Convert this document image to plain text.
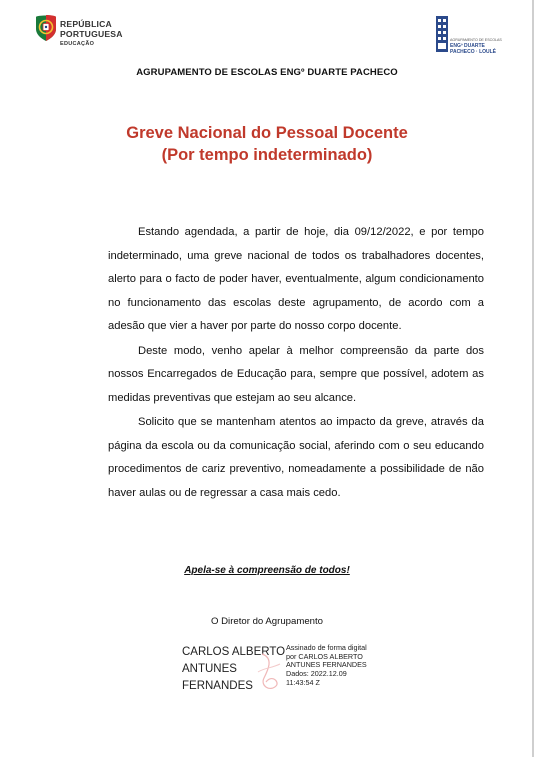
REPÚBLICA
PORTUGUESA
EDUCAÇÃO
AGRUPAMENTO DE ESCOLAS
ENGº DUARTE
PACHECO · LOULÉ
AGRUPAMENTO DE ESCOLAS ENGº DUARTE PACHECO
Greve Nacional do Pessoal Docente
(Por tempo indeterminado)

Estando agendada, a partir de hoje, dia 09/12/2022, e por tempo indeterminado, uma greve nacional de todos os trabalhadores docentes, alerto para o facto de poder haver, eventualmente, algum condicionamento no funcionamento das escolas deste agrupamento, de acordo com a adesão que vier a haver por parte do nosso corpo docente.

Deste modo, venho apelar à melhor compreensão da parte dos nossos Encarregados de Educação para, sempre que possível, adotem as medidas preventivas que estejam ao seu alcance.

Solicito que se mantenham atentos ao impacto da greve, através da página da escola ou da comunicação social, aferindo com o seu educando procedimentos de cariz preventivo, nomeadamente a possibilidade de não haver aulas ou de regressar a casa mais cedo.

Apela-se à compreensão de todos!
O Diretor do Agrupamento
CARLOS ALBERTO
ANTUNES
FERNANDES
Assinado de forma digital
por CARLOS ALBERTO
ANTUNES FERNANDES
Dados: 2022.12.09
11:43:54 Z
